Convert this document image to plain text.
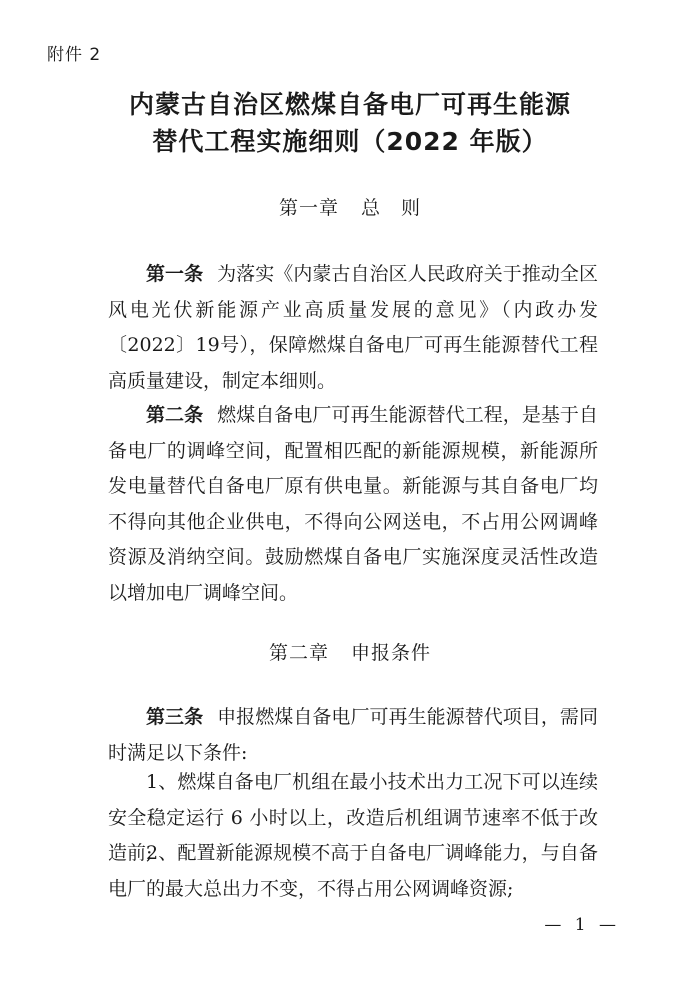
附件 2
内蒙古自治区燃煤自备电厂可再生能源
替代工程实施细则（2022 年版）
第一章 总　则

第一条 为落实《内蒙古自治区人民政府关于推动全区风电光伏新能源产业高质量发展的意见》（内政办发〔2022〕19号），保障燃煤自备电厂可再生能源替代工程高质量建设，制定本细则。

第二条 燃煤自备电厂可再生能源替代工程，是基于自备电厂的调峰空间，配置相匹配的新能源规模，新能源所发电量替代自备电厂原有供电量。新能源与其自备电厂均不得向其他企业供电，不得向公网送电，不占用公网调峰资源及消纳空间。鼓励燃煤自备电厂实施深度灵活性改造以增加电厂调峰空间。

第二章 申报条件

第三条 申报燃煤自备电厂可再生能源替代项目，需同时满足以下条件:

1、燃煤自备电厂机组在最小技术出力工况下可以连续安全稳定运行 6 小时以上，改造后机组调节速率不低于改造前;

2、配置新能源规模不高于自备电厂调峰能力，与自备电厂的最大总出力不变，不得占用公网调峰资源;

— 1 —
